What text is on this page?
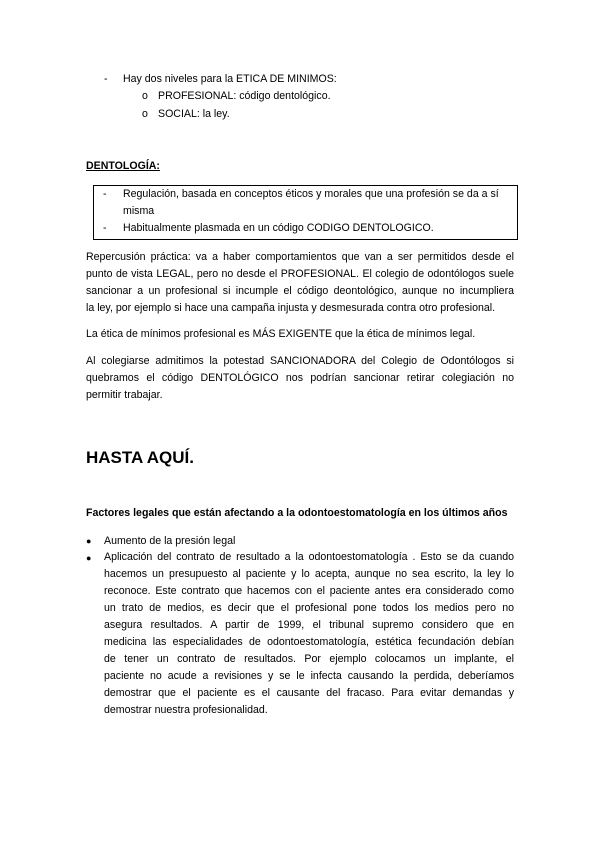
- Hay dos niveles para la ETICA DE MINIMOS:
o PROFESIONAL: código dentológico.
o SOCIAL: la ley.
DENTOLOGÍA:
- Regulación, basada en conceptos éticos y morales que una profesión se da a sí
misma
- Habitualmente plasmada en un código CODIGO DENTOLOGICO.
Repercusión práctica: va a haber comportamientos que van a ser permitidos desde el
punto de vista LEGAL, pero no desde el PROFESIONAL. El colegio de odontólogos suele
sancionar a un profesional si incumple el código deontológico, aunque no incumpliera
la ley, por ejemplo si hace una campaña injusta y desmesurada contra otro profesional.
La ética de mínimos profesional es MÁS EXIGENTE que la ética de mínimos legal.
Al colegiarse admitimos la potestad SANCIONADORA del Colegio de Odontólogos si
quebramos el código DENTOLÓGICO nos podrían sancionar retirar colegiación no
permitir trabajar.
HASTA AQUÍ.
Factores legales que están afectando a la odontoestomatología en los últimos años
● Aumento de la presión legal
● Aplicación del contrato de resultado a la odontoestomatología . Esto se da cuando
hacemos un presupuesto al paciente y lo acepta, aunque no sea escrito, la ley lo
reconoce. Este contrato que hacemos con el paciente antes era considerado como
un trato de medios, es decir que el profesional pone todos los medios pero no
asegura resultados. A partir de 1999, el tribunal supremo considero que en
medicina las especialidades de odontoestomatología, estética fecundación debían
de tener un contrato de resultados. Por ejemplo colocamos un implante, el
paciente no acude a revisiones y se le infecta causando la perdida, deberíamos
demostrar que el paciente es el causante del fracaso. Para evitar demandas y
demostrar nuestra profesionalidad.
